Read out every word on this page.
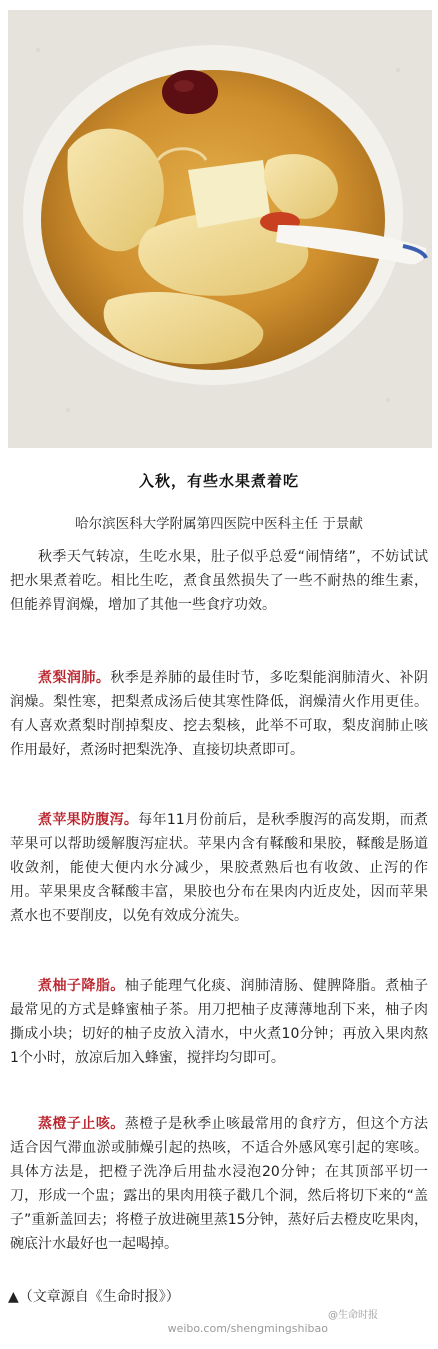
入秋，有些水果煮着吃
哈尔滨医科大学附属第四医院中医科主任 于景献

秋季天气转凉，生吃水果，肚子似乎总爱“闹情绪”，不妨试试把水果煮着吃。相比生吃，煮食虽然损失了一些不耐热的维生素，但能养胃润燥，增加了其他一些食疗功效。

煮梨润肺。秋季是养肺的最佳时节，多吃梨能润肺清火、补阴润燥。梨性寒，把梨煮成汤后使其寒性降低，润燥清火作用更佳。有人喜欢煮梨时削掉梨皮、挖去梨核，此举不可取，梨皮润肺止咳作用最好，煮汤时把梨洗净、直接切块煮即可。

煮苹果防腹泻。每年11月份前后，是秋季腹泻的高发期，而煮苹果可以帮助缓解腹泻症状。苹果内含有鞣酸和果胶，鞣酸是肠道收敛剂，能使大便内水分减少，果胶煮熟后也有收敛、止泻的作用。苹果果皮含鞣酸丰富，果胶也分布在果肉内近皮处，因而苹果煮水也不要削皮，以免有效成分流失。

煮柚子降脂。柚子能理气化痰、润肺清肠、健脾降脂。煮柚子最常见的方式是蜂蜜柚子茶。用刀把柚子皮薄薄地刮下来，柚子肉撕成小块；切好的柚子皮放入清水，中火煮10分钟；再放入果肉熬1个小时，放凉后加入蜂蜜，搅拌均匀即可。

蒸橙子止咳。蒸橙子是秋季止咳最常用的食疗方，但这个方法适合因气滞血淤或肺燥引起的热咳，不适合外感风寒引起的寒咳。具体方法是，把橙子洗净后用盐水浸泡20分钟；在其顶部平切一刀，形成一个盅；露出的果肉用筷子戳几个洞，然后将切下来的“盖子”重新盖回去；将橙子放进碗里蒸15分钟，蒸好后去橙皮吃果肉，碗底汁水最好也一起喝掉。

▲（文章源自《生命时报》）
@生命时报
weibo.com/shengmingshibao
